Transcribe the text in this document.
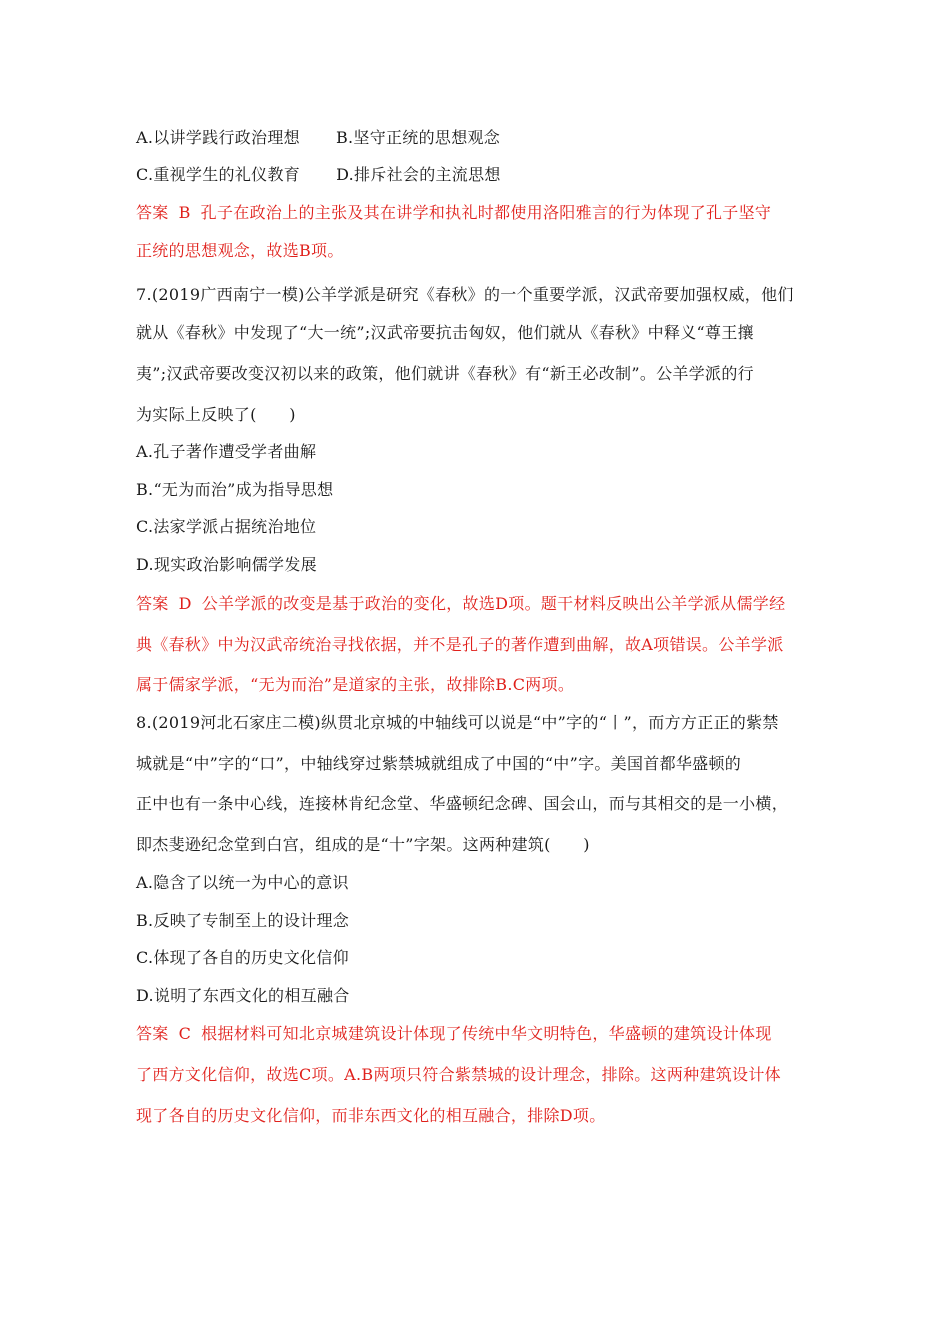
A.以讲学践行政治理想 B.坚守正统的思想观念
C.重视学生的礼仪教育 D.排斥社会的主流思想
答案 B 孔子在政治上的主张及其在讲学和执礼时都使用洛阳雅言的行为体现了孔子坚守
正统的思想观念，故选B项。
7.(2019广西南宁一模)公羊学派是研究《春秋》的一个重要学派，汉武帝要加强权威，他们
就从《春秋》中发现了“大一统”;汉武帝要抗击匈奴，他们就从《春秋》中释义“尊王攘
夷”;汉武帝要改变汉初以来的政策，他们就讲《春秋》有“新王必改制”。公羊学派的行
为实际上反映了(　　)
A.孔子著作遭受学者曲解
B.“无为而治”成为指导思想
C.法家学派占据统治地位
D.现实政治影响儒学发展
答案 D 公羊学派的改变是基于政治的变化，故选D项。题干材料反映出公羊学派从儒学经
典《春秋》中为汉武帝统治寻找依据，并不是孔子的著作遭到曲解，故A项错误。公羊学派
属于儒家学派，“无为而治”是道家的主张，故排除B.C两项。
8.(2019河北石家庄二模)纵贯北京城的中轴线可以说是“中”字的“丨”，而方方正正的紫禁
城就是“中”字的“口”，中轴线穿过紫禁城就组成了中国的“中”字。美国首都华盛顿的
正中也有一条中心线，连接林肯纪念堂、华盛顿纪念碑、国会山，而与其相交的是一小横，
即杰斐逊纪念堂到白宫，组成的是“十”字架。这两种建筑(　　)
A.隐含了以统一为中心的意识
B.反映了专制至上的设计理念
C.体现了各自的历史文化信仰
D.说明了东西文化的相互融合
答案 C 根据材料可知北京城建筑设计体现了传统中华文明特色，华盛顿的建筑设计体现
了西方文化信仰，故选C项。A.B两项只符合紫禁城的设计理念，排除。这两种建筑设计体
现了各自的历史文化信仰，而非东西文化的相互融合，排除D项。
